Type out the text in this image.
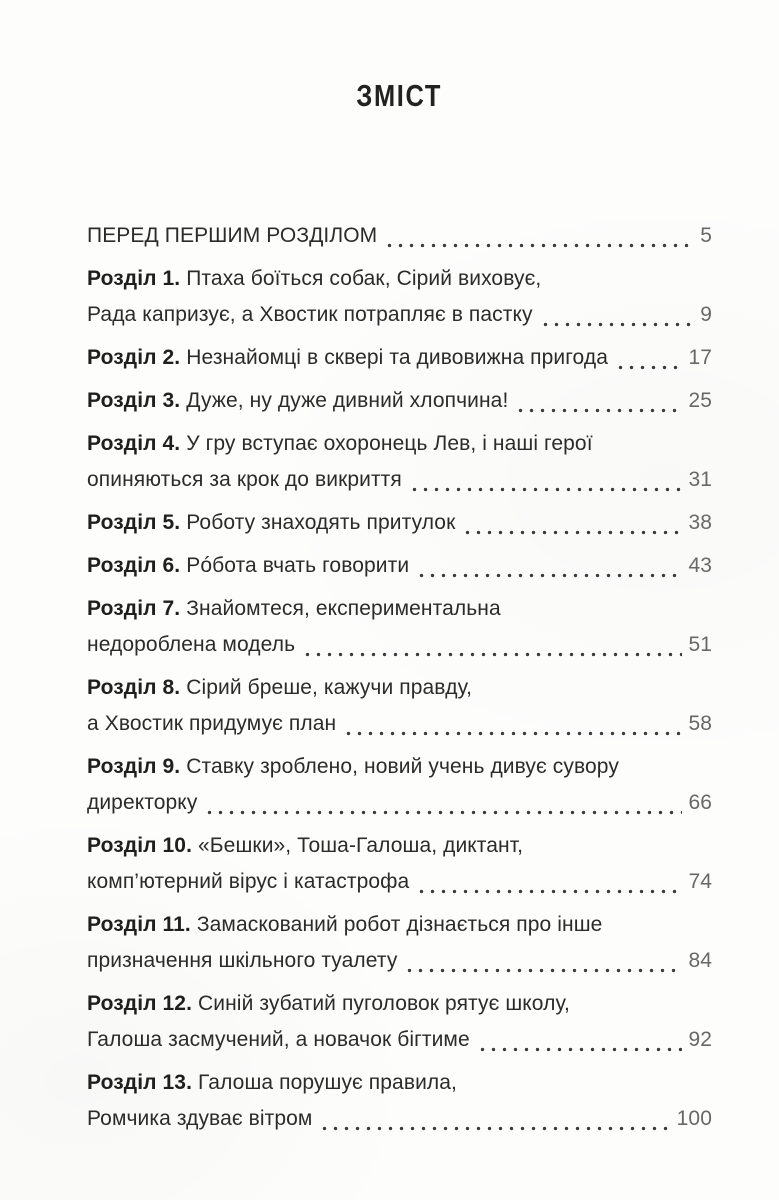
ЗМІСТ
ПЕРЕД ПЕРШИМ РОЗДІЛОМ	5
Розділ 1. Птаха боїться собак, Сірий виховує,
Рада капризує, а Хвостик потрапляє в пастку	9
Розділ 2. Незнайомці в сквері та дивовижна пригода	17
Розділ 3. Дуже, ну дуже дивний хлопчина!	25
Розділ 4. У гру вступає охоронець Лев, і наші герої
опиняються за крок до викриття	31
Розділ 5. Роботу знаходять притулок	38
Розділ 6. Рóбота вчать говорити	43
Розділ 7. Знайомтеся, експериментальна
недороблена модель	51
Розділ 8. Сірий бреше, кажучи правду,
а Хвостик придумує план	58
Розділ 9. Ставку зроблено, новий учень дивує сувору
директорку	66
Розділ 10. «Бешки», Тоша-Галоша, диктант,
комп’ютерний вірус і катастрофа	74
Розділ 11. Замаскований робот дізнається про інше
призначення шкільного туалету	84
Розділ 12. Синій зубатий пуголовок рятує школу,
Галоша засмучений, а новачок бігтиме	92
Розділ 13. Галоша порушує правила,
Ромчика здуває вітром	100
